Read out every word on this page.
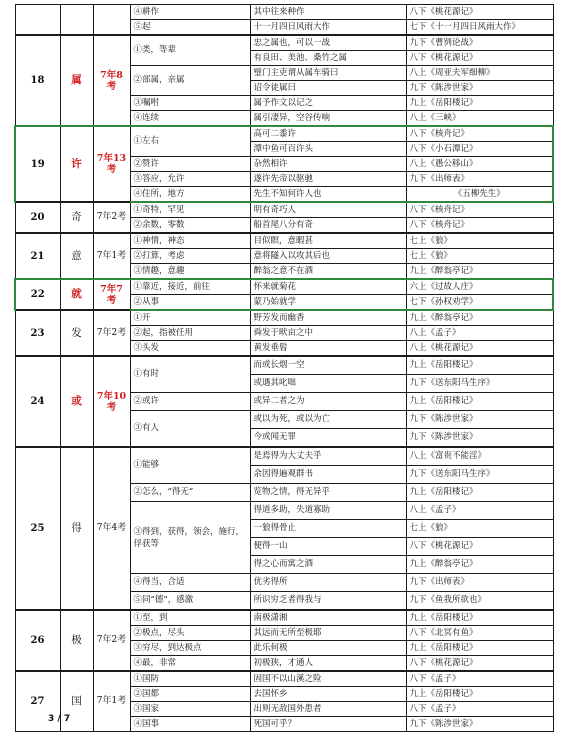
			④耕作	其中往来种作	八下《桃花源记》
			⑤起	十一月四日风雨大作	七下《十一月四日风雨大作》
18	属	7年8考	①类，等辈	忠之属也，可以一战	九下《曹刿论战》
				有良田、美池、桑竹之属	八下《桃花源记》
			②部属，亲属	璧门主吏谓从属车骑曰	八上《周亚夫军细柳》
				诏令徒属曰	九下《陈涉世家》
			③嘱咐	属予作文以记之	九上《岳阳楼记》
			④连续	属引凄异，空谷传响	八上《三峡》
19	许	7年13考	①左右	高可二黍许	八下《核舟记》
				潭中鱼可百许头	八下《小石潭记》
			②赞许	杂然相许	八上《愚公移山》
			③答应，允许	遂许先帝以驱驰	九下《出师表》
			④住所，地方	先生不知何许人也	《五柳先生》
20	奇	7年2考	①奇特，罕见	明有奇巧人	八下《核舟记》
			②余数，零数	船首尾八分有奇	八下《核舟记》
21	意	7年1考	①神情，神态	目似瞑，意暇甚	七上《狼》
			②打算，考虑	意将隧入以攻其后也	七上《狼》
			③情趣，意趣	醉翁之意不在酒	九上《醉翁亭记》
22	就	7年7考	①靠近，接近，前往	怀来就菊花	六上《过故人庄》
			②从事	蒙乃始就学	七下《孙权劝学》
23	发	7年2考	①开	野芳发而幽香	九上《醉翁亭记》
			②起，指被任用	舜发于畎亩之中	八上《孟子》
			③头发	黄发垂髫	八上《桃花源记》
24	或	7年10考	①有时	而或长烟一空	九上《岳阳楼记》
				或遇其叱咄	九下《送东阳马生序》
			②或许	或异二者之为	九上《岳阳楼记》
			③有人	或以为死，或以为亡	九下《陈涉世家》
				今或闻无罪	九下《陈涉世家》
25	得	7年4考	①能够	是焉得为大丈夫乎	八上《富贵不能淫》
				余因得遍观群书	九下《送东阳马生序》
			②怎么，“得无”	览物之情，得无异乎	九上《岳阳楼记》
			③得到，获得，领会，施行，俘获等	得道多助，失道寡助	八上《孟子》
				一狼得骨止	七上《狼》
				便得一山	八下《桃花源记》
				得之心而寓之酒	九上《醉翁亭记》
			④得当，合适	优劣得所	九下《出师表》
			⑤同“德”，感激	所识穷乏者得我与	九下《鱼我所欲也》
26	极	7年2考	①至，到	南极潇湘	九上《岳阳楼记》
			②极点，尽头	其远而无所至极耶	八下《北冥有鱼》
			③穷尽，到达极点	此乐何极	九上《岳阳楼记》
			④最，非常	初极狭，才通人	八下《桃花源记》
27	国	7年1考	①国防	固国不以山溪之险	八下《孟子》
			②国都	去国怀乡	九上《岳阳楼记》
			③国家	出则无敌国外患者	八下《孟子》
			④国事	死国可乎？	九下《陈涉世家》
3 / 7
